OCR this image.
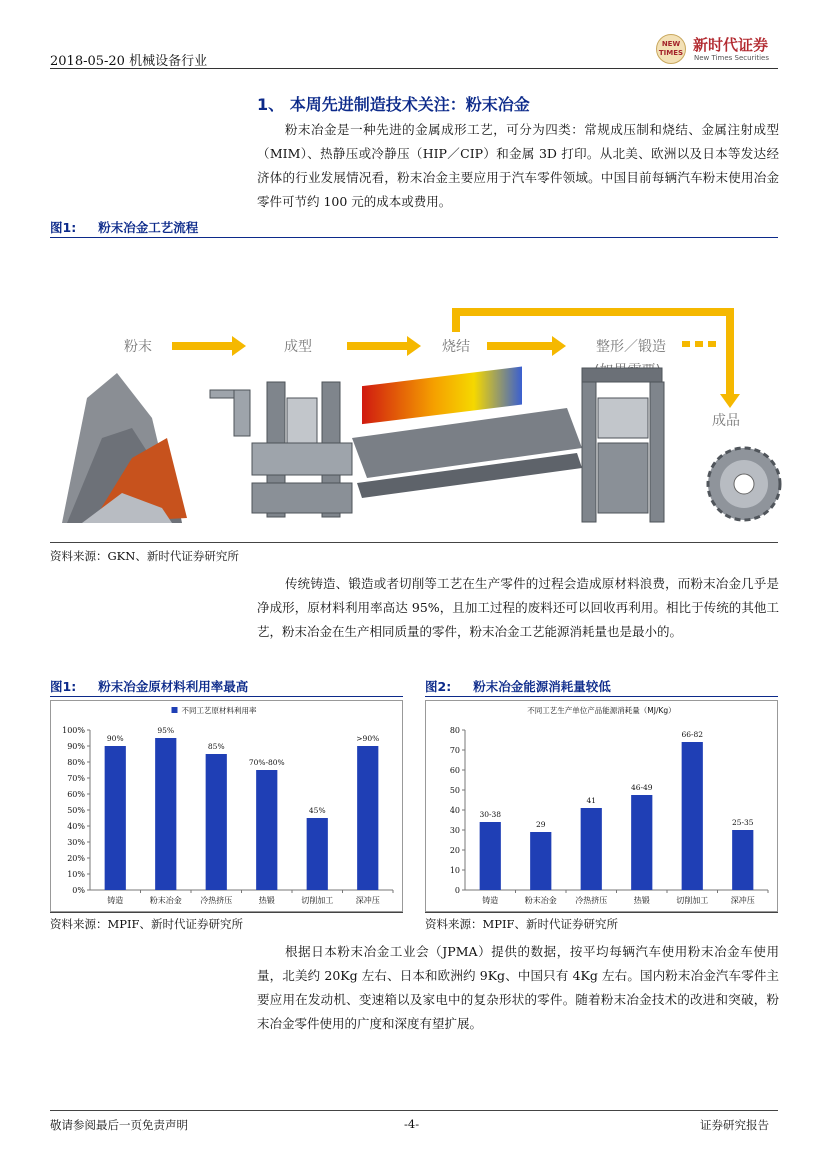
2018-05-20 机械设备行业
NEW TIMES 新时代证券
New Times Securities
1、 本周先进制造技术关注：粉末冶金
粉末冶金是一种先进的金属成形工艺，可分为四类：常规成压制和烧结、金属注射成型（MIM）、热静压或冷静压（HIP／CIP）和金属 3D 打印。从北美、欧洲以及日本等发达经济体的行业发展情况看，粉末冶金主要应用于汽车零件领域。中国目前每辆汽车粉末使用冶金零件可节约 100 元的成本或费用。
图1: 粉末冶金工艺流程
粉末	成型	烧结	整形／锻造
成品
资料来源：GKN、新时代证券研究所
传统铸造、锻造或者切削等工艺在生产零件的过程会造成原材料浪费，而粉末冶金几乎是净成形，原材料利用率高达 95%，且加工过程的废料还可以回收再利用。相比于传统的其他工艺，粉末冶金在生产相同质量的零件，粉末冶金工艺能源消耗量也是最小的。
图1: 粉末冶金原材料利用率最高
不同工艺原材料利用率
0%
10%
20%
30%
40%
50%
60%
70%
80%
90%
100%
90%
铸造
95%
粉末冶金
85%
冷热挤压
70%-80%
热锻
45%
切削加工
>90%
深冲压
资料来源：MPIF、新时代证券研究所
图2: 粉末冶金能源消耗量较低
不同工艺生产单位产品能源消耗量（MJ/Kg）
0
10
20
30
40
50
60
70
80
30-38
铸造
29
粉末冶金
41
冷热挤压
46-49
热锻
66-82
切削加工
25-35
深冲压
资料来源：MPIF、新时代证券研究所
根据日本粉末冶金工业会（JPMA）提供的数据，按平均每辆汽车使用粉末冶金车使用量，北美约 20Kg 左右、日本和欧洲约 9Kg、中国只有 4Kg 左右。国内粉末冶金汽车零件主要应用在发动机、变速箱以及家电中的复杂形状的零件。随着粉末冶金技术的改进和突破，粉末冶金零件使用的广度和深度有望扩展。
敬请参阅最后一页免责声明	-4-	证券研究报告
